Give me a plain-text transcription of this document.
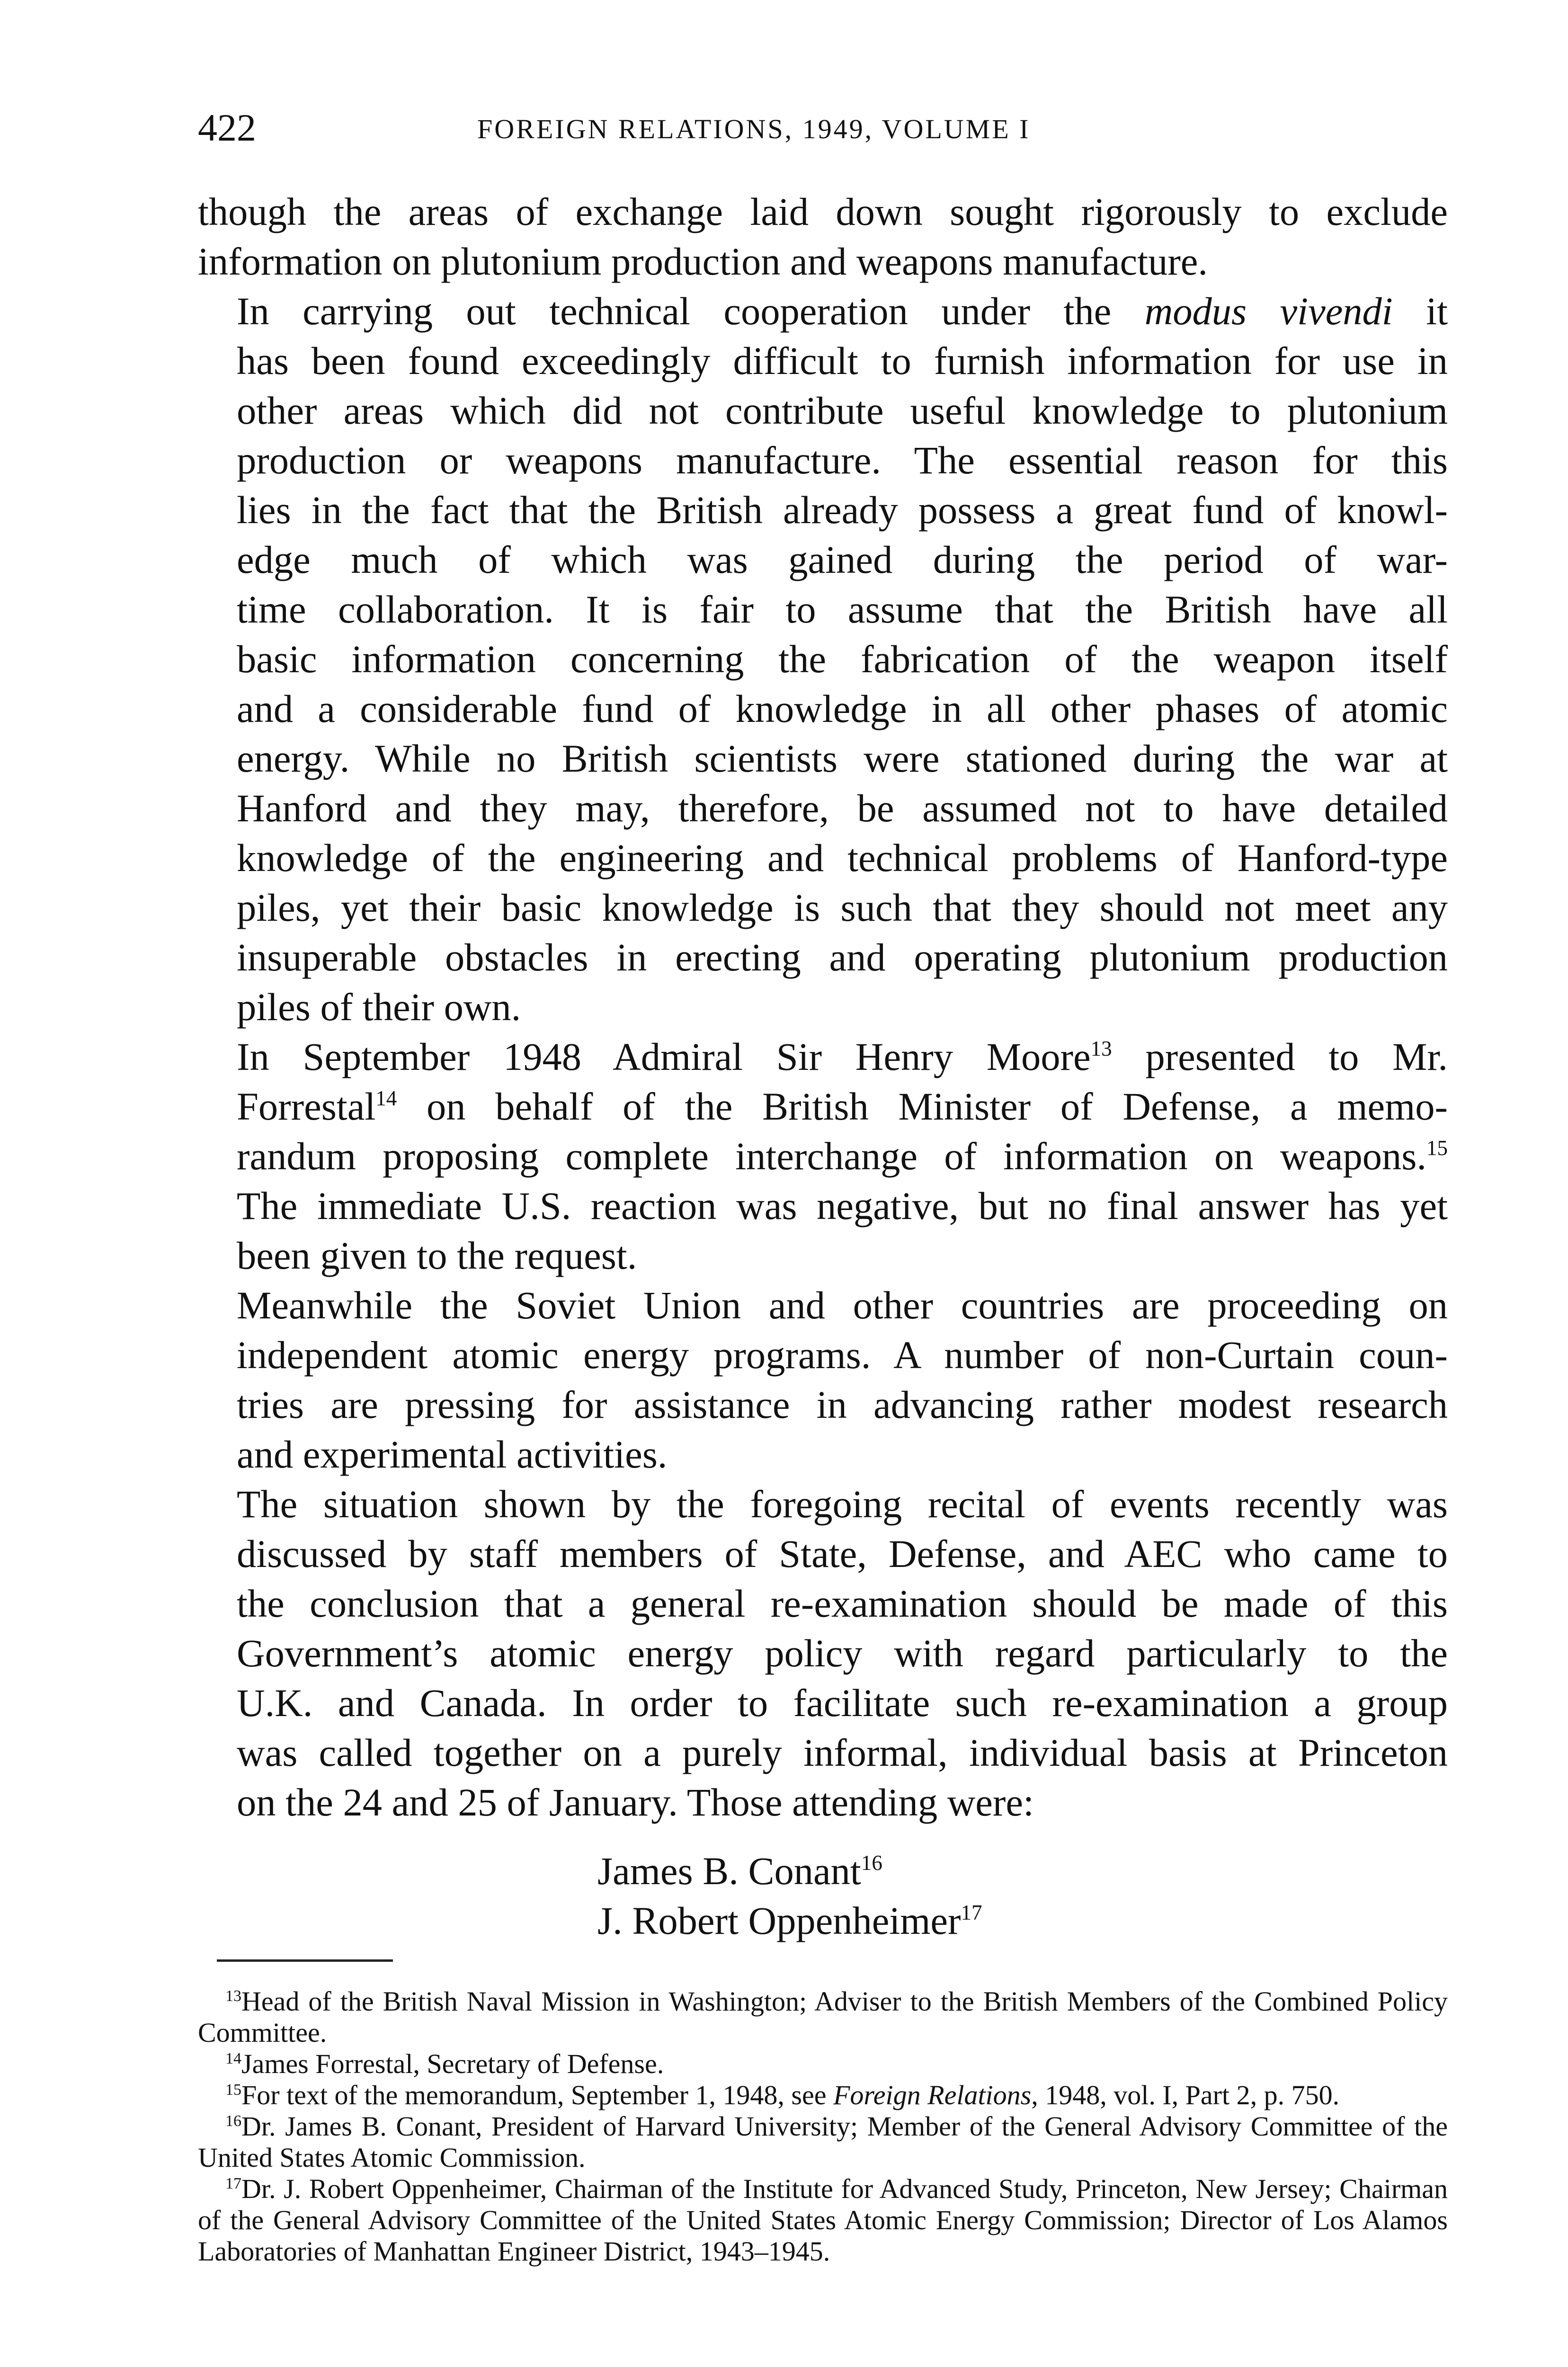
422	FOREIGN RELATIONS, 1949, VOLUME I
though the areas of exchange laid down sought rigorously to exclude
information on plutonium production and weapons manufacture.
In carrying out technical cooperation under the modus vivendi it
has been found exceedingly difficult to furnish information for use in
other areas which did not contribute useful knowledge to plutonium
production or weapons manufacture. The essential reason for this
lies in the fact that the British already possess a great fund of knowl-
edge much of which was gained during the period of war-
time collaboration. It is fair to assume that the British have all
basic information concerning the fabrication of the weapon itself
and a considerable fund of knowledge in all other phases of atomic
energy. While no British scientists were stationed during the war at
Hanford and they may, therefore, be assumed not to have detailed
knowledge of the engineering and technical problems of Hanford-type
piles, yet their basic knowledge is such that they should not meet any
insuperable obstacles in erecting and operating plutonium production
piles of their own.
In September 1948 Admiral Sir Henry Moore$^{13}$ presented to Mr.
Forrestal$^{14}$ on behalf of the British Minister of Defense, a memo-
randum proposing complete interchange of information on weapons.$^{15}$
The immediate U.S. reaction was negative, but no final answer has yet
been given to the request.
Meanwhile the Soviet Union and other countries are proceeding on
independent atomic energy programs. A number of non-Curtain coun-
tries are pressing for assistance in advancing rather modest research
and experimental activities.
The situation shown by the foregoing recital of events recently was
discussed by staff members of State, Defense, and AEC who came to
the conclusion that a general re-examination should be made of this
Government’s atomic energy policy with regard particularly to the
U.K. and Canada. In order to facilitate such re-examination a group
was called together on a purely informal, individual basis at Princeton
on the 24 and 25 of January. Those attending were:
James B. Conant$^{16}$
J. Robert Oppenheimer$^{17}$
$^{13}$Head of the British Naval Mission in Washington; Adviser to the British Members of the Combined Policy Committee.
$^{14}$James Forrestal, Secretary of Defense.
$^{15}$For text of the memorandum, September 1, 1948, see Foreign Relations, 1948, vol. I, Part 2, p. 750.
$^{16}$Dr. James B. Conant, President of Harvard University; Member of the General Advisory Committee of the United States Atomic Commission.
$^{17}$Dr. J. Robert Oppenheimer, Chairman of the Institute for Advanced Study, Princeton, New Jersey; Chairman of the General Advisory Committee of the United States Atomic Energy Commission; Director of Los Alamos Laboratories of Manhattan Engineer District, 1943–1945.
